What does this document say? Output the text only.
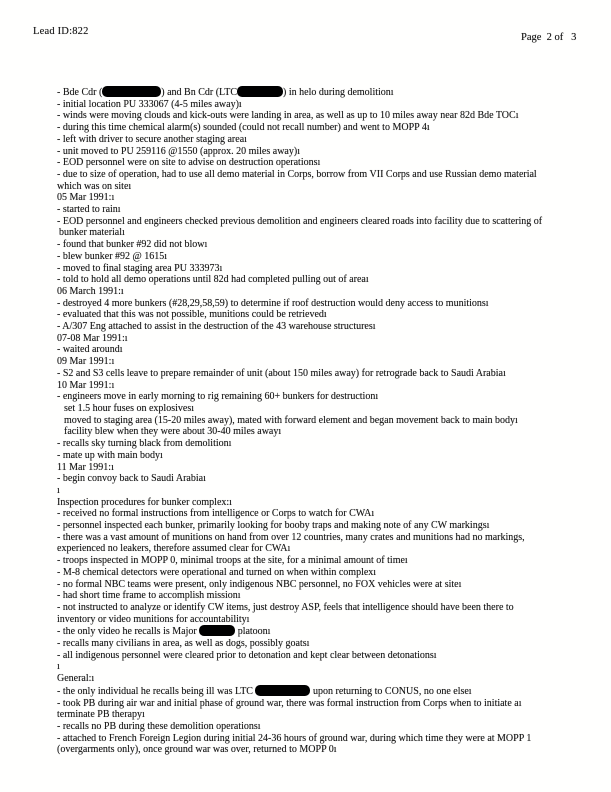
Lead ID:822
Page  2 of   3
- Bde Cdr (	) and Bn Cdr (LTC	) in helo during demolitionı
- initial location PU 333067 (4-5 miles away)ı
- winds were moving clouds and kick-outs were landing in area, as well as up to 10 miles away near 82d Bde TOCı
- during this time chemical alarm(s) sounded (could not recall number) and went to MOPP 4ı
- left with driver to secure another staging areaı
- unit moved to PU 259116 @1550 (approx. 20 miles away)ı
- EOD personnel were on site to advise on destruction operationsı
- due to size of operation, had to use all demo material in Corps, borrow from VII Corps and use Russian demo material
which was on siteı
05 Mar 1991:ı
- started to rainı
- EOD personnel and engineers checked previous demolition and engineers cleared roads into facility due to scattering of
bunker materialı
- found that bunker #92 did not blowı
- blew bunker #92 @ 1615ı
- moved to final staging area PU 333973ı
- told to hold all demo operations until 82d had completed pulling out of areaı
06 March 1991:ı
- destroyed 4 more bunkers (#28,29,58,59) to determine if roof destruction would deny access to munitionsı
- evaluated that this was not possible, munitions could be retrievedı
- A/307 Eng attached to assist in the destruction of the 43 warehouse structuresı
07-08 Mar 1991:ı
- waited aroundı
09 Mar 1991:ı
- S2 and S3 cells leave to prepare remainder of unit (about 150 miles away) for retrograde back to Saudi Arabiaı
10 Mar 1991:ı
- engineers move in early morning to rig remaining 60+ bunkers for destructionı
set 1.5 hour fuses on explosivesı
moved to staging area (15-20 miles away), mated with forward element and began movement back to main bodyı
facility blew when they were about 30-40 miles awayı
- recalls sky turning black from demolitionı
- mate up with main bodyı
11 Mar 1991:ı
- begin convoy back to Saudi Arabiaı
ı
Inspection procedures for bunker complex:ı
- received no formal instructions from intelligence or Corps to watch for CWAı
- personnel inspected each bunker, primarily looking for booby traps and making note of any CW markingsı
- there was a vast amount of munitions on hand from over 12 countries, many crates and munitions had no markings,
experienced no leakers, therefore assumed clear for CWAı
- troops inspected in MOPP 0, minimal troops at the site, for a minimal amount of timeı
- M-8 chemical detectors were operational and turned on when within complexı
- no formal NBC teams were present, only indigenous NBC personnel, no FOX vehicles were at siteı
- had short time frame to accomplish missionı
- not instructed to analyze or identify CW items, just destroy ASP, feels that intelligence should have been there to
inventory or video munitions for accountabilityı
- the only video he recalls is Major	platoonı
- recalls many civilians in area, as well as dogs, possibly goatsı
- all indigenous personnel were cleared prior to detonation and kept clear between detonationsı
ı
General:ı
- the only individual he recalls being ill was LTC	upon returning to CONUS, no one elseı
- took PB during air war and initial phase of ground war, there was formal instruction from Corps when to initiate aı
terminate PB therapyı
- recalls no PB during these demolition operationsı
- attached to French Foreign Legion during initial 24-36 hours of ground war, during which time they were at MOPP 1
(overgarments only), once ground war was over, returned to MOPP 0ı
